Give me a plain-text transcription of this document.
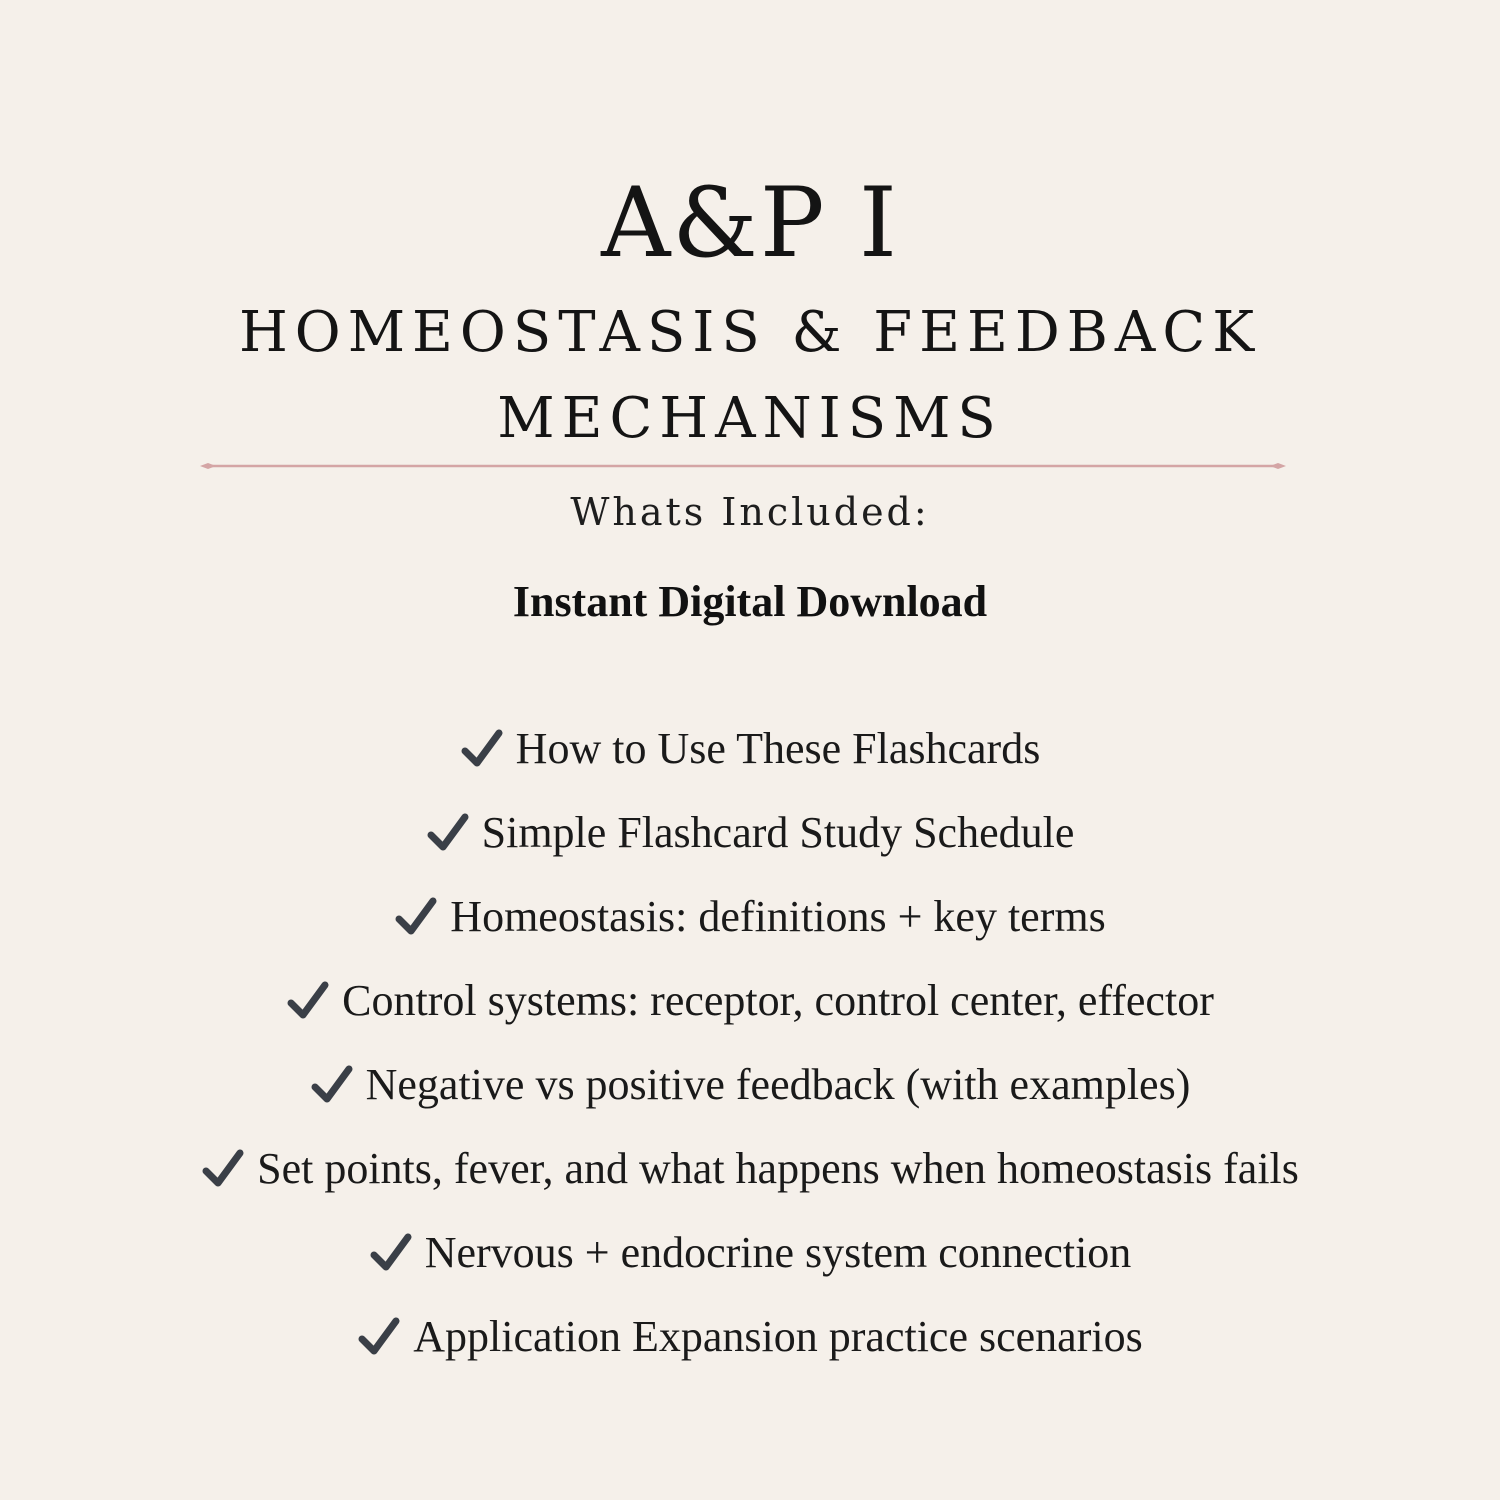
A&P I
HOMEOSTASIS & FEEDBACK MECHANISMS
Whats Included:
Instant Digital Download
How to Use These Flashcards
Simple Flashcard Study Schedule
Homeostasis: definitions + key terms
Control systems: receptor, control center, effector
Negative vs positive feedback (with examples)
Set points, fever, and what happens when homeostasis fails
Nervous + endocrine system connection
Application Expansion practice scenarios
